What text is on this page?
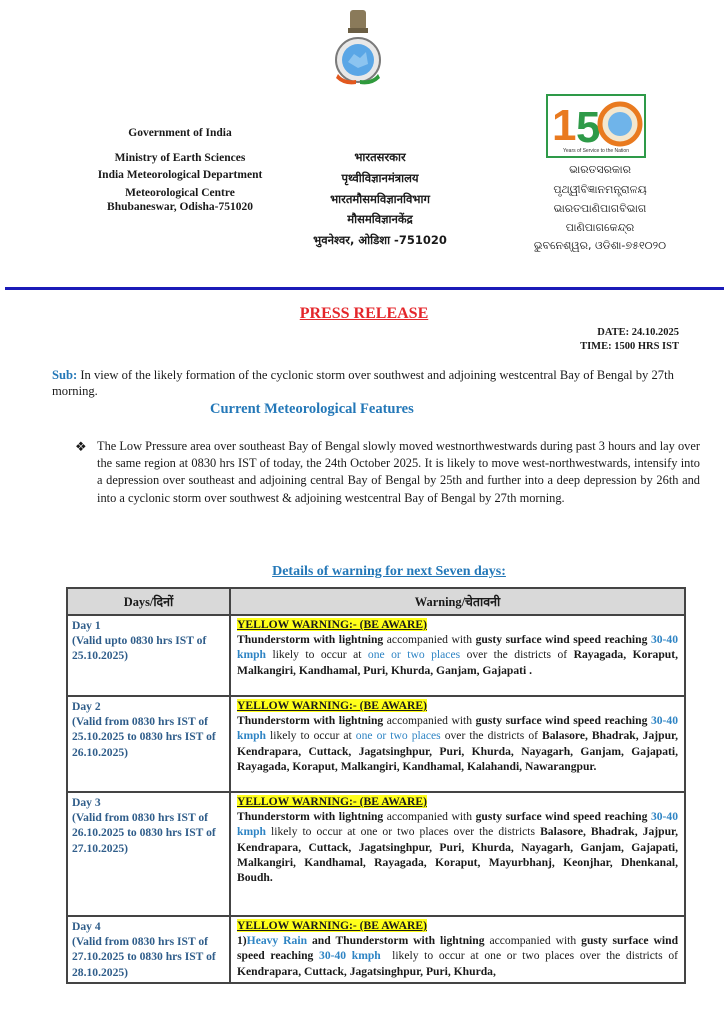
1 5
Years of Service to the Nation
Government of India
Ministry of Earth Sciences
India Meteorological Department
Meteorological Centre
Bhubaneswar, Odisha-751020
भारतसरकार
पृथ्वीविज्ञानमंत्रालय
भारतमौसमविज्ञानविभाग
मौसमविज्ञानकेंद्र
भुवनेश्वर, ओडिशा -751020
ଭାରତସରକାର
ପୃଥ୍ୱୀବିଜ୍ଞାନମନ୍ତ୍ରାଳୟ
ଭାରତପାଣିପାଗବିଭାଗ
ପାଣିପାଗକେନ୍ଦ୍ର
ଭୁବନେଶ୍ୱର, ଓଡିଶା-୭୫୧୦୨୦
PRESS RELEASE
DATE: 24.10.2025
TIME: 1500 HRS IST
Sub: In view of the likely formation of the cyclonic storm over southwest and adjoining westcentral Bay of Bengal by 27th morning.
Current Meteorological Features
❖ The Low Pressure area over southeast Bay of Bengal slowly moved westnorthwestwards during past 3 hours and lay over the same region at 0830 hrs IST of today, the 24th October 2025. It is likely to move west-northwestwards, intensify into a depression over southeast and adjoining central Bay of Bengal by 25th and further into a deep depression by 26th and into a cyclonic storm over southwest & adjoining westcentral Bay of Bengal by 27th morning.
Details of warning for next Seven days:
Days/दिनों	Warning/चेतावनी

Day 1
(Valid upto 0830 hrs IST of 25.10.2025)	YELLOW WARNING:- (BE AWARE)
Thunderstorm with lightning accompanied with gusty surface wind speed reaching 30-40 kmph likely to occur at one or two places over the districts of Rayagada, Koraput, Malkangiri, Kandhamal, Puri, Khurda, Ganjam, Gajapati .

Day 2
(Valid from 0830 hrs IST of 25.10.2025 to 0830 hrs IST of 26.10.2025)	YELLOW WARNING:- (BE AWARE)
Thunderstorm with lightning accompanied with gusty surface wind speed reaching 30-40 kmph likely to occur at one or two places over the districts of Balasore, Bhadrak, Jajpur, Kendrapara, Cuttack, Jagatsinghpur, Puri, Khurda, Nayagarh, Ganjam, Gajapati, Rayagada, Koraput, Malkangiri, Kandhamal, Kalahandi, Nawarangpur.

Day 3
(Valid from 0830 hrs IST of 26.10.2025 to 0830 hrs IST of 27.10.2025)	YELLOW WARNING:- (BE AWARE)
Thunderstorm with lightning accompanied with gusty surface wind speed reaching 30-40 kmph likely to occur at one or two places over the districts Balasore, Bhadrak, Jajpur, Kendrapara, Cuttack, Jagatsinghpur, Puri, Khurda, Nayagarh, Ganjam, Gajapati, Malkangiri, Kandhamal, Rayagada, Koraput, Mayurbhanj, Keonjhar, Dhenkanal, Boudh.

Day 4
(Valid from 0830 hrs IST of 27.10.2025 to 0830 hrs IST of 28.10.2025)	YELLOW WARNING:- (BE AWARE)
1)Heavy Rain and Thunderstorm with lightning accompanied with gusty surface wind speed reaching 30-40 kmph  likely to occur at one or two places over the districts of     Kendrapara, Cuttack, Jagatsinghpur, Puri, Khurda,
